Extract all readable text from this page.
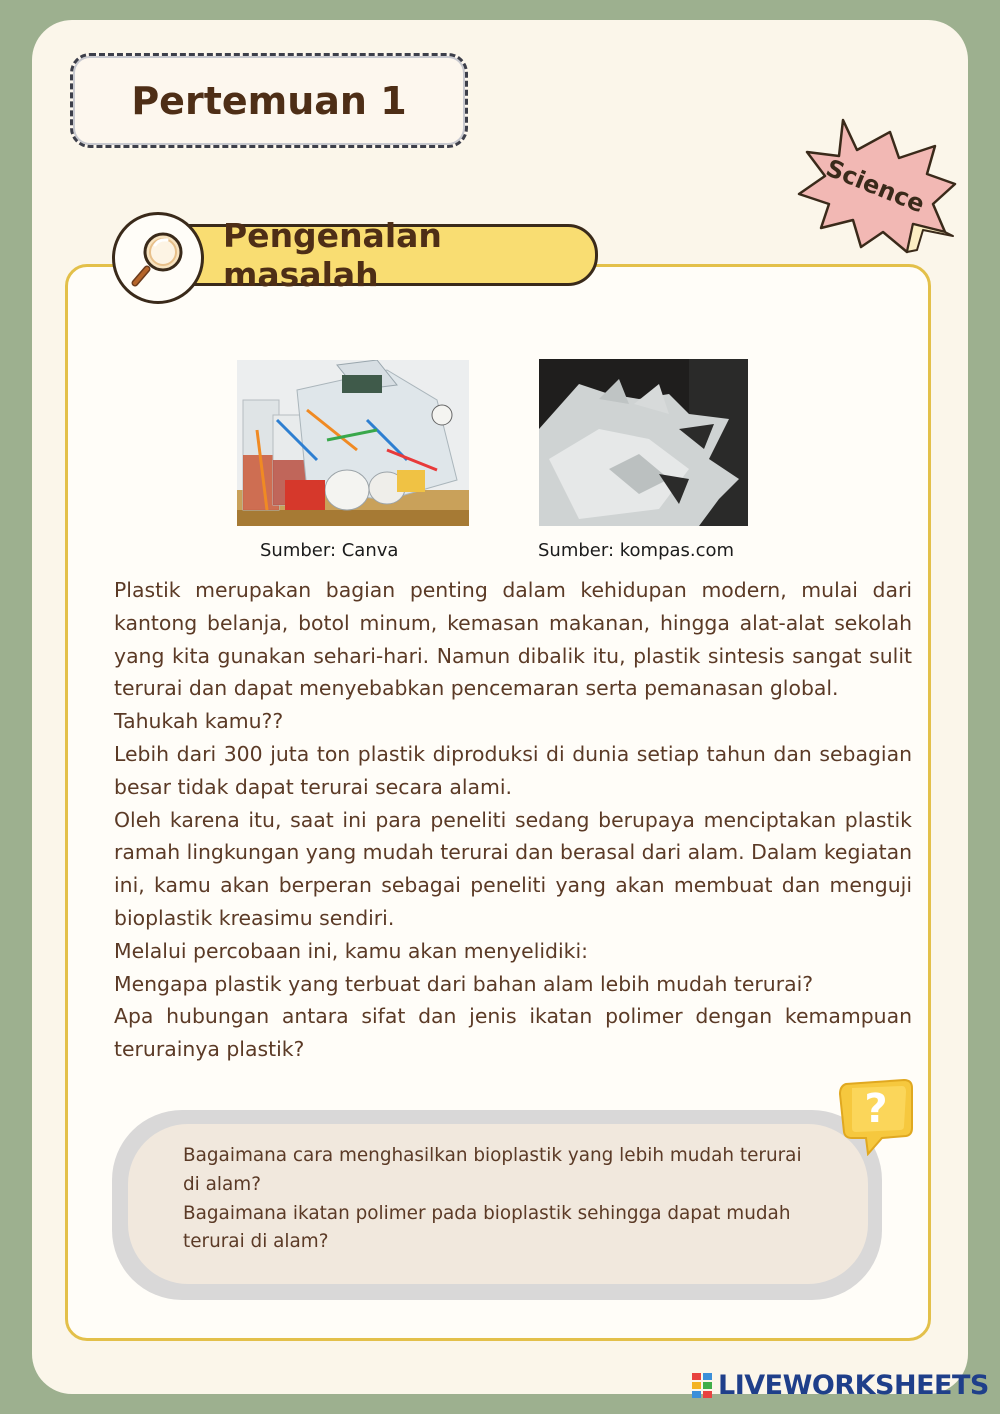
Pertemuan 1
Science
Pengenalan masalah
Sumber: Canva	Sumber: kompas.com

Plastik merupakan bagian penting dalam kehidupan modern, mulai dari kantong belanja, botol minum, kemasan makanan, hingga alat-alat sekolah yang kita gunakan sehari-hari. Namun dibalik itu, plastik sintesis sangat sulit terurai dan dapat menyebabkan pencemaran serta pemanasan global.

Tahukah kamu??

Lebih dari 300 juta ton plastik diproduksi di dunia setiap tahun dan sebagian besar tidak dapat terurai secara alami.

Oleh karena itu, saat ini para peneliti sedang berupaya menciptakan plastik ramah lingkungan yang mudah terurai dan berasal dari alam. Dalam kegiatan ini, kamu akan berperan sebagai peneliti yang akan membuat dan menguji bioplastik kreasimu sendiri.

Melalui percobaan ini, kamu akan menyelidiki:

Mengapa plastik yang terbuat dari bahan alam lebih mudah terurai?

Apa hubungan antara sifat dan jenis ikatan polimer dengan kemampuan terurainya plastik?

Bagaimana cara menghasilkan bioplastik yang lebih mudah terurai di alam?

Bagaimana ikatan polimer pada bioplastik sehingga dapat mudah terurai di alam?

?
LIVEWORKSHEETS
